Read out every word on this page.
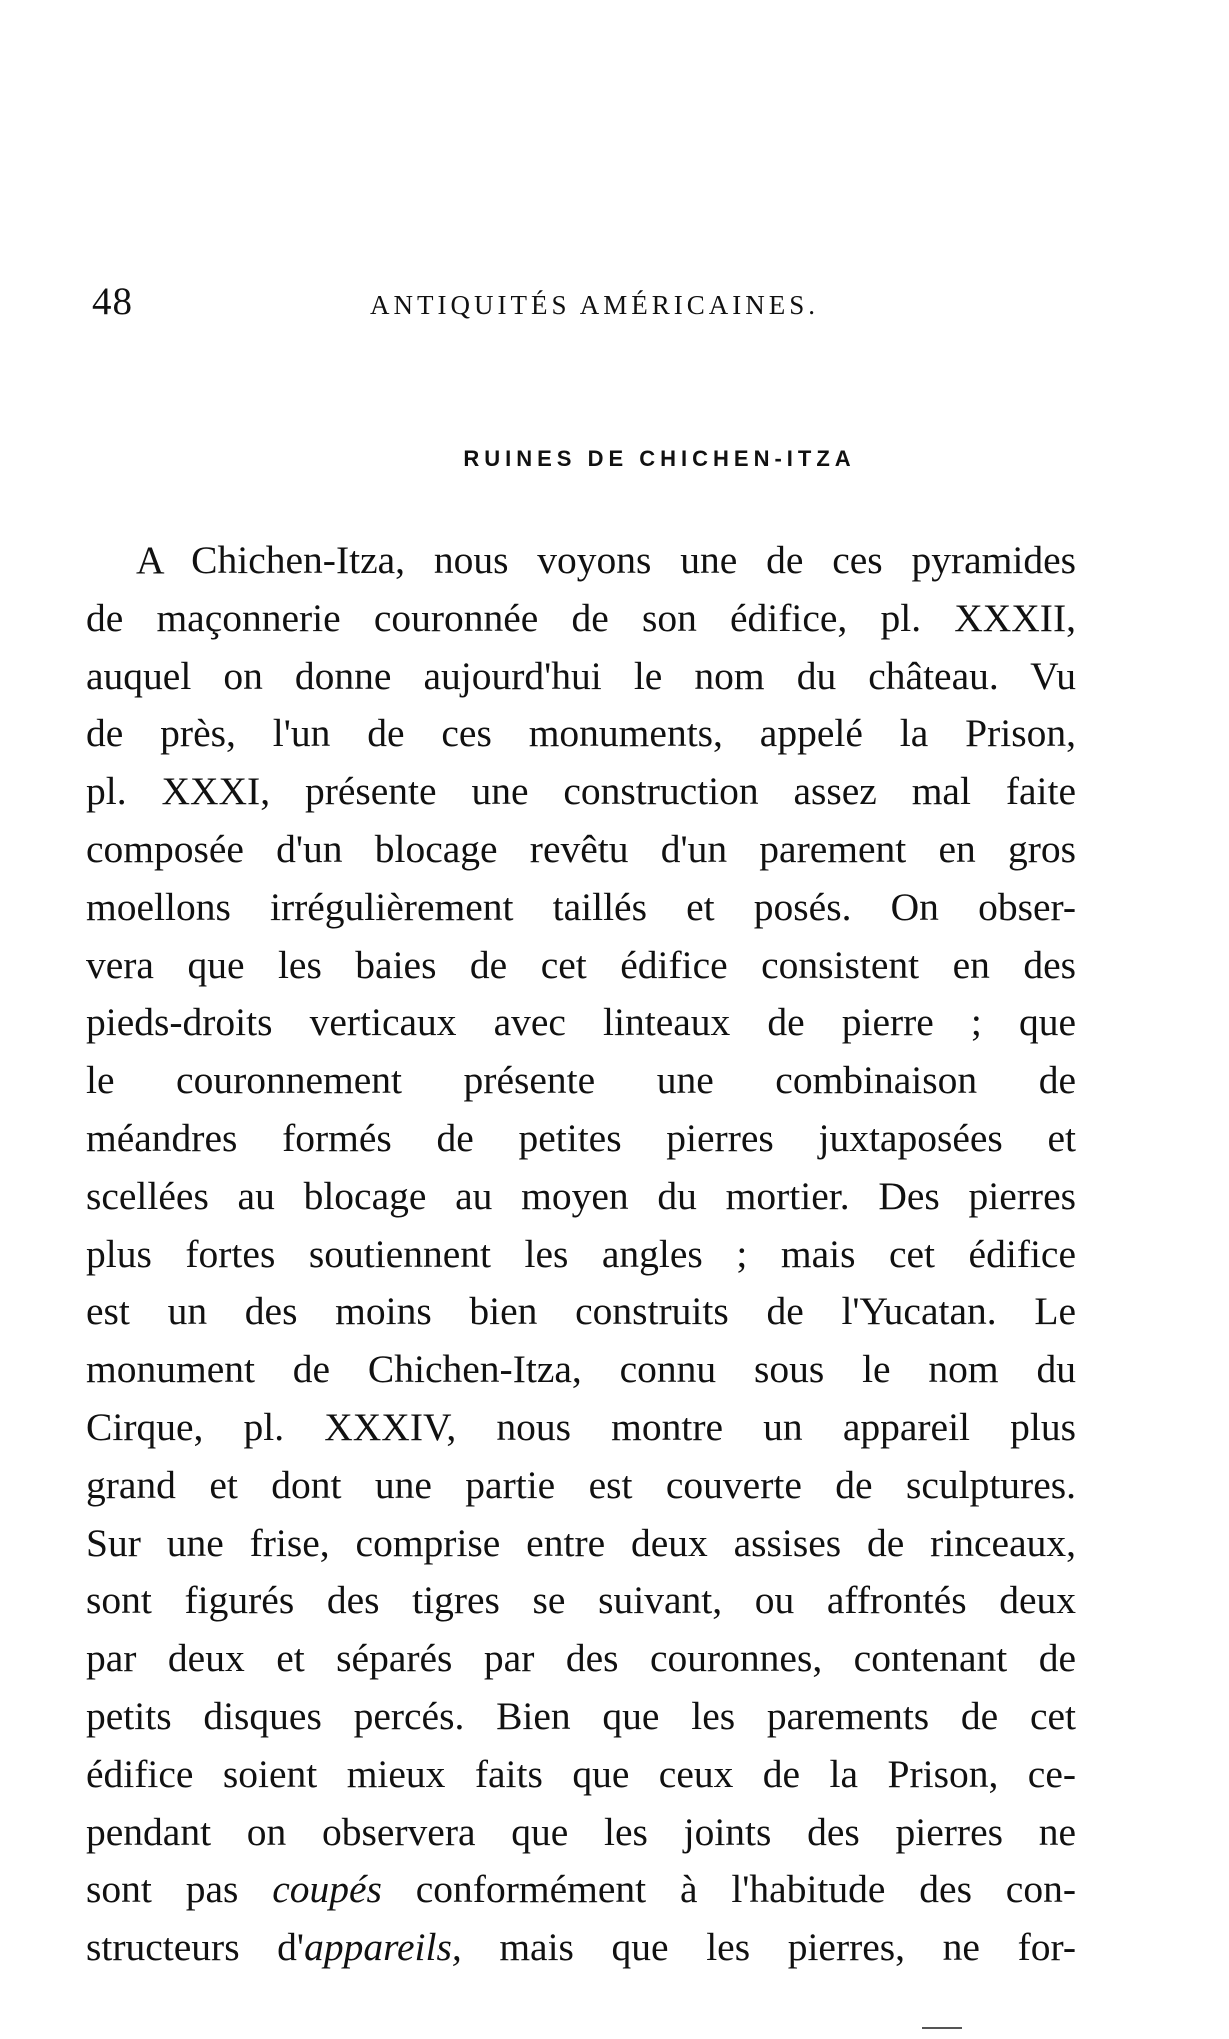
48	ANTIQUITÉS AMÉRICAINES.
RUINES DE CHICHEN-ITZA
A Chichen-Itza, nous voyons une de ces pyramides
de maçonnerie couronnée de son édifice, pl. XXXII,
auquel on donne aujourd'hui le nom du château. Vu
de près, l'un de ces monuments, appelé la Prison,
pl. XXXI, présente une construction assez mal faite
composée d'un blocage revêtu d'un parement en gros
moellons irrégulièrement taillés et posés. On obser-
vera que les baies de cet édifice consistent en des
pieds-droits verticaux avec linteaux de pierre ; que
le couronnement présente une combinaison de
méandres formés de petites pierres juxtaposées et
scellées au blocage au moyen du mortier. Des pierres
plus fortes soutiennent les angles ; mais cet édifice
est un des moins bien construits de l'Yucatan. Le
monument de Chichen-Itza, connu sous le nom du
Cirque, pl. XXXIV, nous montre un appareil plus
grand et dont une partie est couverte de sculptures.
Sur une frise, comprise entre deux assises de rinceaux,
sont figurés des tigres se suivant, ou affrontés deux
par deux et séparés par des couronnes, contenant de
petits disques percés. Bien que les parements de cet
édifice soient mieux faits que ceux de la Prison, ce-
pendant on observera que les joints des pierres ne
sont pas coupés conformément à l'habitude des con-
structeurs d'appareils, mais que les pierres, ne for-
